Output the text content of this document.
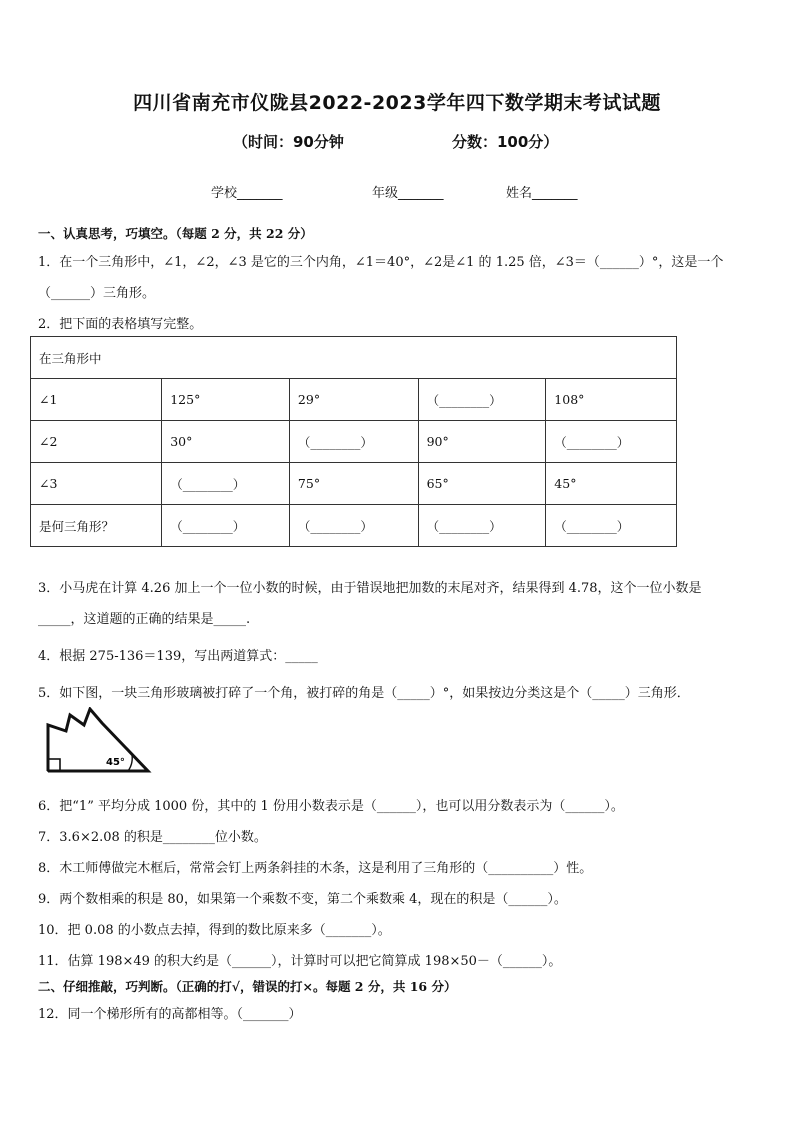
四川省南充市仪陇县2022-2023学年四下数学期末考试试题
（时间：90分钟	分数：100分）
学校_______	年级_______	姓名_______
一、认真思考，巧填空。（每题 2 分，共 22 分）
1．在一个三角形中，∠1，∠2，∠3 是它的三个内角，∠1＝40°，∠2是∠1 的 1.25 倍，∠3＝（______）°，这是一个
（______）三角形。
2．把下面的表格填写完整。
在三角形中				
∠1	125°	29°	（________）	108°
∠2	30°	（________）	90°	（________）
∠3	（________）	75°	65°	45°
是何三角形？	（________）	（________）	（________）	（________）
3．小马虎在计算 4.26 加上一个一位小数的时候，由于错误地把加数的末尾对齐，结果得到 4.78，这个一位小数是
_____，这道题的正确的结果是_____.
4．根据 275-136＝139，写出两道算式：_____
5．如下图，一块三角形玻璃被打碎了一个角，被打碎的角是（_____）°，如果按边分类这是个（_____）三角形．
45°
6．把“1” 平均分成 1000 份，其中的 1 份用小数表示是（______），也可以用分数表示为（______）。
7．3.6×2.08 的积是________位小数。
8．木工师傅做完木框后，常常会钉上两条斜挂的木条，这是利用了三角形的（__________）性。
9．两个数相乘的积是 80，如果第一个乘数不变，第二个乘数乘 4，现在的积是（______）。
10．把 0.08 的小数点去掉，得到的数比原来多（_______）。
11．估算 198×49 的积大约是（______），计算时可以把它简算成 198×50－（______）。
二、仔细推敲，巧判断。（正确的打√，错误的打×。每题 2 分，共 16 分）
12．同一个梯形所有的高都相等。（_______）
